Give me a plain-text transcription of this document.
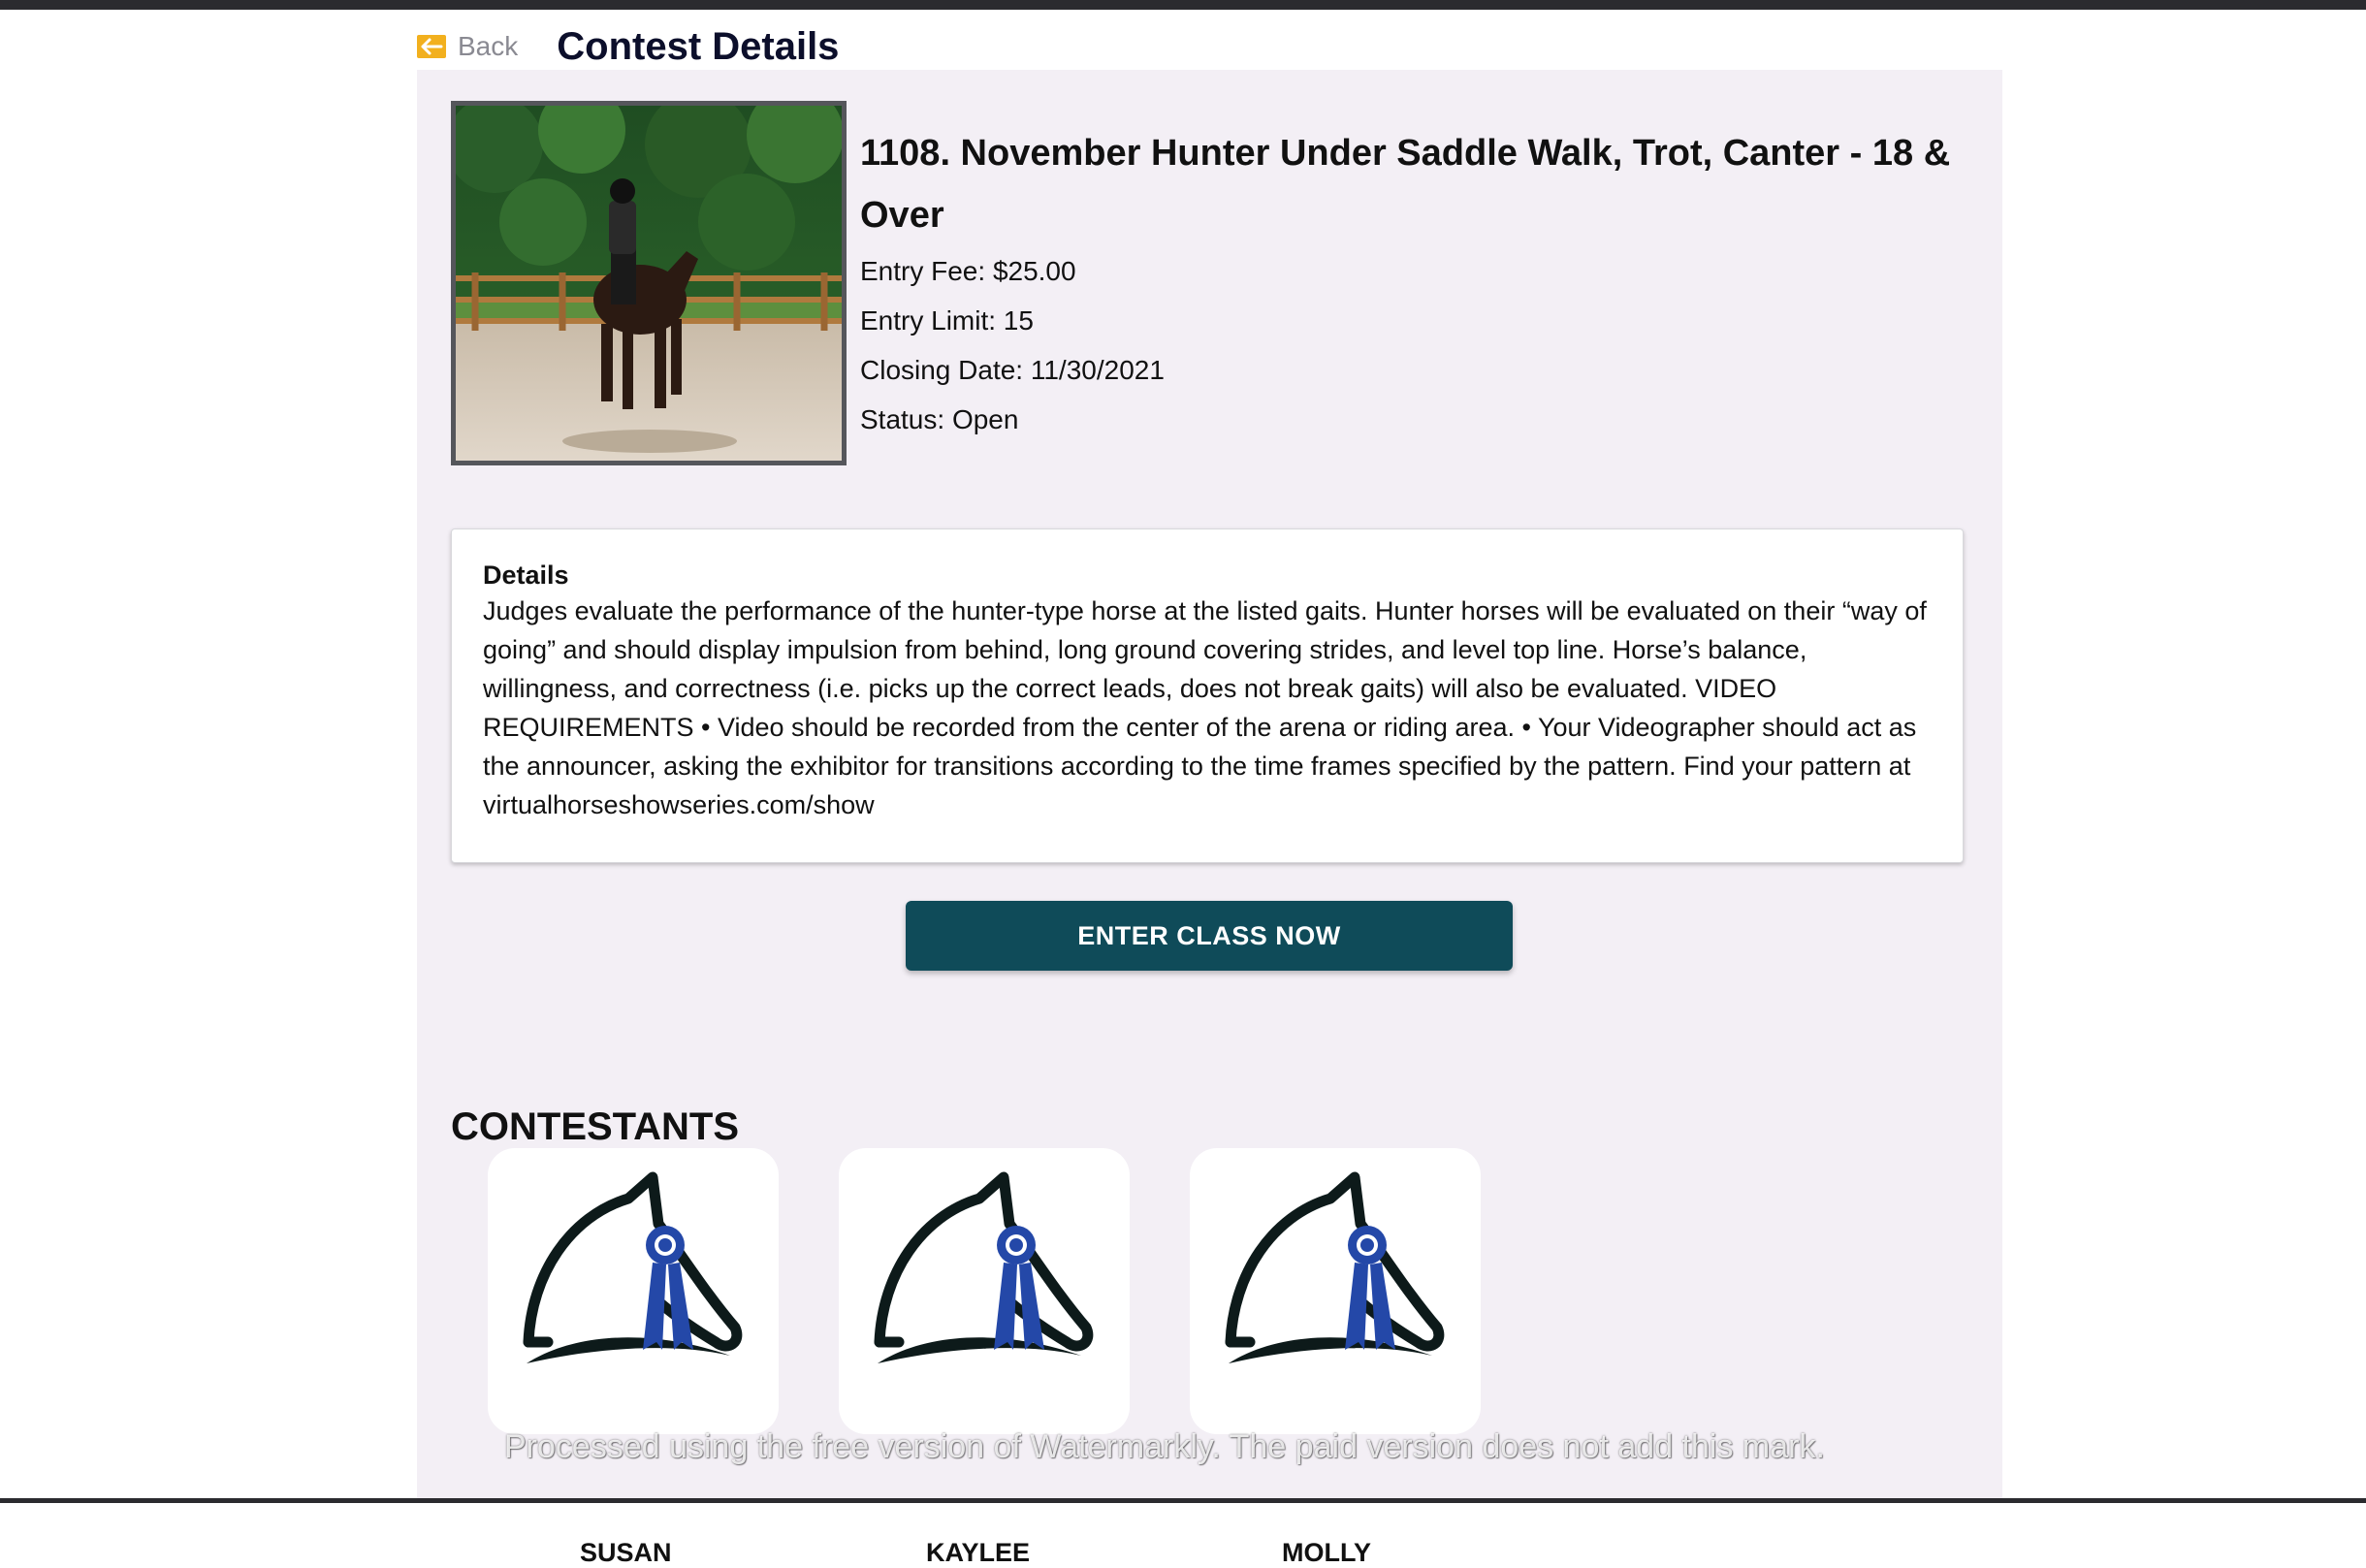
Back Contest Details
1108. November Hunter Under Saddle Walk, Trot, Canter - 18 & Over
Entry Fee: $25.00
Entry Limit: 15
Closing Date: 11/30/2021
Status: Open
Details
Judges evaluate the performance of the hunter-type horse at the listed gaits. Hunter horses will be evaluated on their “way of going” and should display impulsion from behind, long ground covering strides, and level top line. Horse’s balance, willingness, and correctness (i.e. picks up the correct leads, does not break gaits) will also be evaluated. VIDEO REQUIREMENTS • Video should be recorded from the center of the arena or riding area. • Your Videographer should act as the announcer, asking the exhibitor for transitions according to the time frames specified by the pattern. Find your pattern at virtualhorseshowseries.com/show
ENTER CLASS NOW
CONTESTANTS
SUSAN	KAYLEE	MOLLY
Processed using the free version of Watermarkly. The paid version does not add this mark.
